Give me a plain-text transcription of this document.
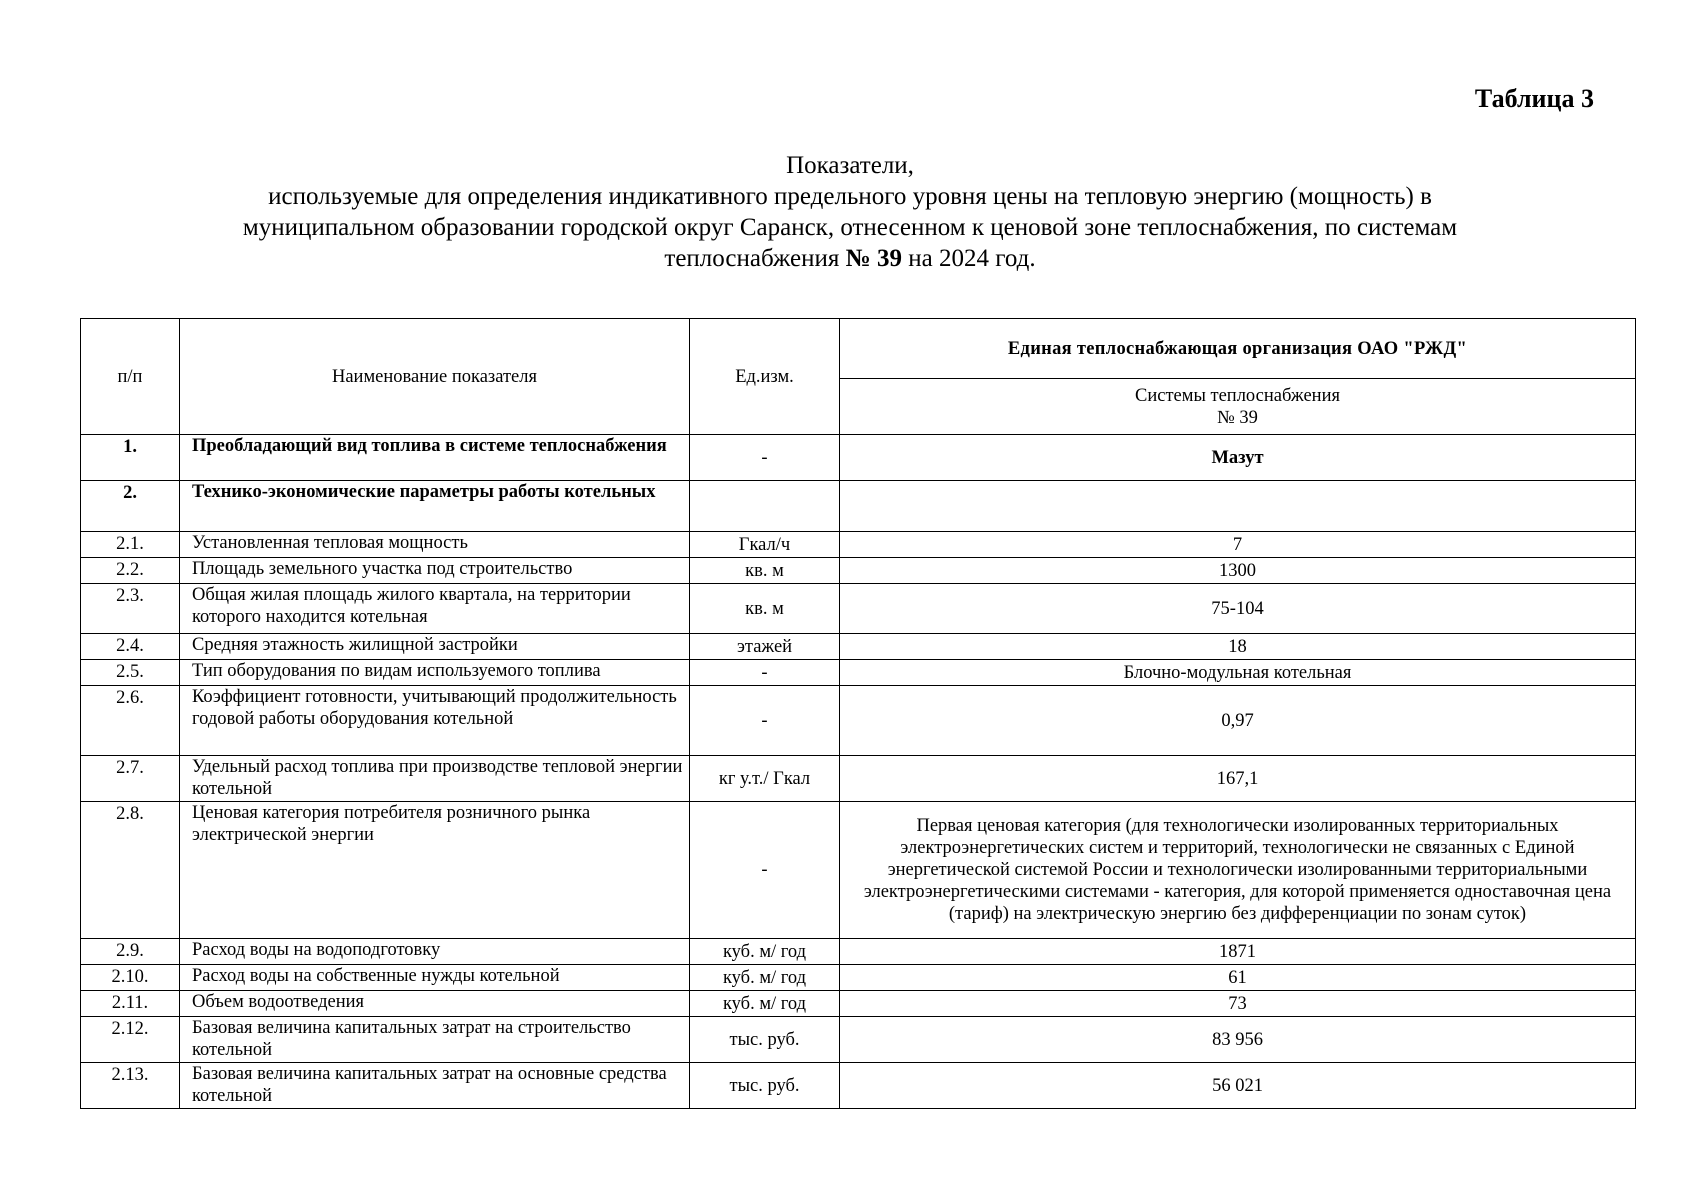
Таблица 3
Показатели,
используемые для определения индикативного предельного уровня цены на тепловую энергию (мощность) в
муниципальном образовании городской округ Саранск, отнесенном к ценовой зоне теплоснабжения, по системам
теплоснабжения № 39 на 2024 год.
п/п	Наименование показателя	Ед.изм.	Единая теплоснабжающая организация ОАО "РЖД"
			Системы теплоснабжения
№ 39
1.	Преобладающий вид топлива в системе теплоснабжения	-	Мазут
2.	Технико-экономические параметры работы котельных		
2.1.	Установленная тепловая мощность	Гкал/ч	7
2.2.	Площадь земельного участка под строительство	кв. м	1300
2.3.	Общая жилая площадь жилого квартала, на территории которого находится котельная	кв. м	75-104
2.4.	Средняя этажность жилищной застройки	этажей	18
2.5.	Тип оборудования по видам используемого топлива	-	Блочно-модульная котельная
2.6.	Коэффициент готовности, учитывающий продолжительность годовой работы оборудования котельной	-	0,97
2.7.	Удельный расход топлива при производстве тепловой энергии котельной	кг у.т./ Гкал	167,1
2.8.	Ценовая категория потребителя розничного рынка электрической энергии	-	Первая ценовая категория (для технологически изолированных территориальных электроэнергетических систем и территорий, технологически не связанных с Единой энергетической системой России и технологически изолированными территориальными электроэнергетическими системами - категория, для которой применяется одноставочная цена (тариф) на электрическую энергию без дифференциации по зонам суток)
2.9.	Расход воды на водоподготовку	куб. м/ год	1871
2.10.	Расход воды на собственные нужды котельной	куб. м/ год	61
2.11.	Объем водоотведения	куб. м/ год	73
2.12.	Базовая величина капитальных затрат на строительство котельной	тыс. руб.	83 956
2.13.	Базовая величина капитальных затрат на основные средства котельной	тыс. руб.	56 021
